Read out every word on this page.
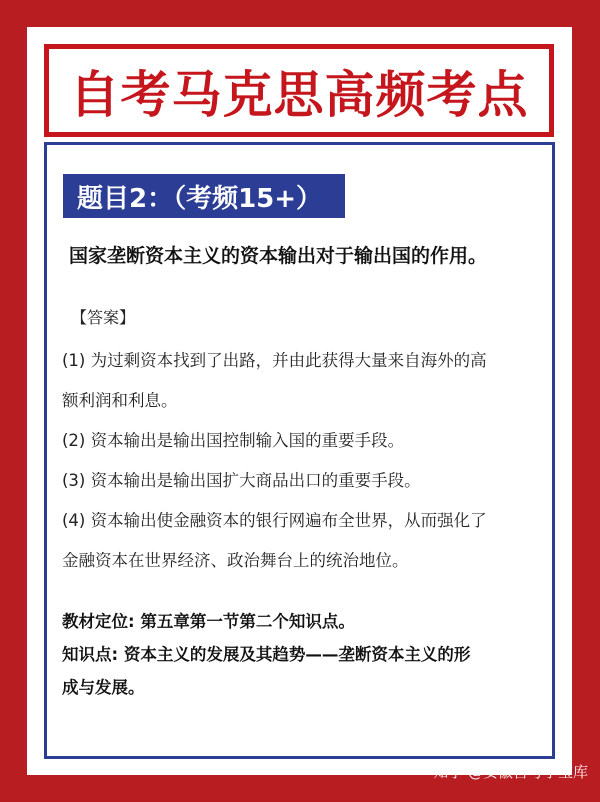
自考马克思高频考点
题目2：（考频15+）
国家垄断资本主义的资本输出对于输出国的作用。
【答案】
(1) 为过剩资本找到了出路，并由此获得大量来自海外的高
额利润和利息。
(2) 资本输出是输出国控制输入国的重要手段。
(3) 资本输出是输出国扩大商品出口的重要手段。
(4) 资本输出使金融资本的银行网遍布全世界，从而强化了
金融资本在世界经济、政治舞台上的统治地位。
教材定位: 第五章第一节第二个知识点。
知识点: 资本主义的发展及其趋势——垄断资本主义的形
成与发展。
知乎 @安徽自考小宝库
